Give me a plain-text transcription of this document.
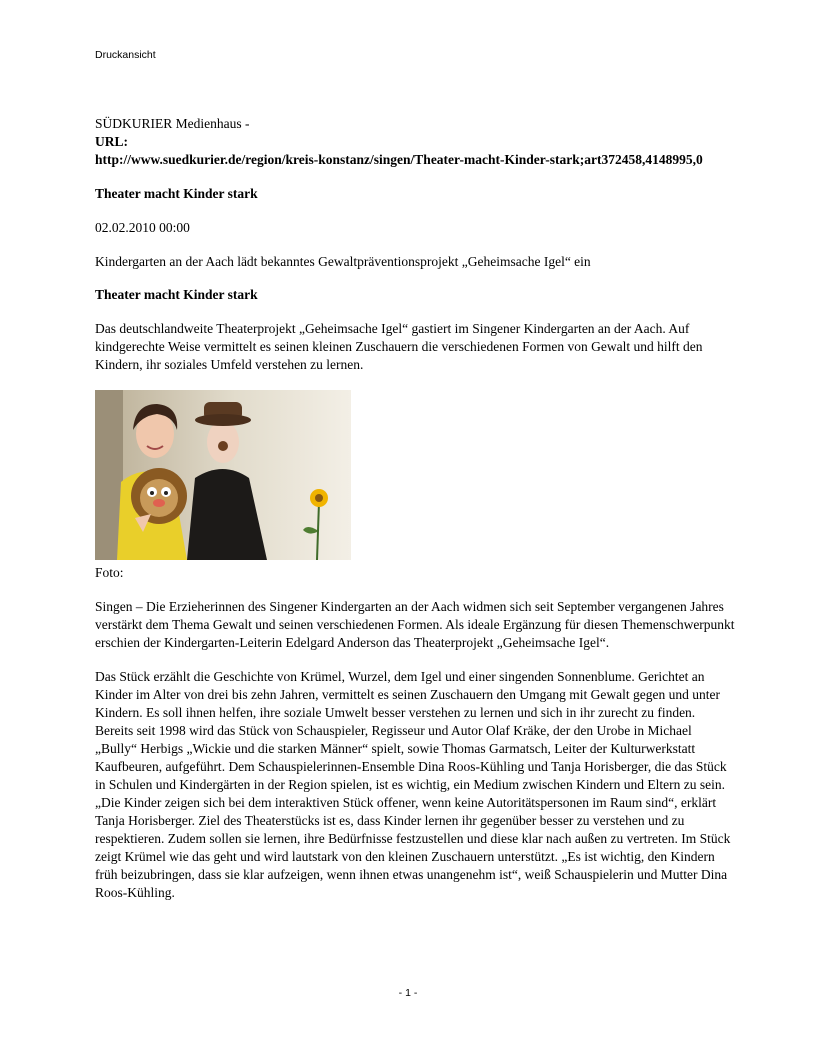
Druckansicht

SÜDKURIER Medienhaus -

URL:

http://www.suedkurier.de/region/kreis-konstanz/singen/Theater-macht-Kinder-stark;art372458,4148995,0

Theater macht Kinder stark

02.02.2010 00:00

Kindergarten an der Aach lädt bekanntes Gewaltpräventionsprojekt „Geheimsache Igel“ ein

Theater macht Kinder stark

Das deutschlandweite Theaterprojekt „Geheimsache Igel“ gastiert im Singener Kindergarten an der Aach. Auf kindgerechte Weise vermittelt es seinen kleinen Zuschauern die verschiedenen Formen von Gewalt und hilft den Kindern, ihr soziales Umfeld verstehen zu lernen.

Foto:

Singen – Die Erzieherinnen des Singener Kindergarten an der Aach widmen sich seit September vergangenen Jahres verstärkt dem Thema Gewalt und seinen verschiedenen Formen. Als ideale Ergänzung für diesen Themenschwerpunkt erschien der Kindergarten-Leiterin Edelgard Anderson das Theaterprojekt „Geheimsache Igel“.

Das Stück erzählt die Geschichte von Krümel, Wurzel, dem Igel und einer singenden Sonnenblume. Gerichtet an Kinder im Alter von drei bis zehn Jahren, vermittelt es seinen Zuschauern den Umgang mit Gewalt gegen und unter Kindern. Es soll ihnen helfen, ihre soziale Umwelt besser verstehen zu lernen und sich in ihr zurecht zu finden. Bereits seit 1998 wird das Stück von Schauspieler, Regisseur und Autor Olaf Kräke, der den Urobe in Michael „Bully“ Herbigs „Wickie und die starken Männer“ spielt, sowie Thomas Garmatsch, Leiter der Kulturwerkstatt Kaufbeuren, aufgeführt. Dem Schauspielerinnen-Ensemble Dina Roos-Kühling und Tanja Horisberger, die das Stück in Schulen und Kindergärten in der Region spielen, ist es wichtig, ein Medium zwischen Kindern und Eltern zu sein. „Die Kinder zeigen sich bei dem interaktiven Stück offener, wenn keine Autoritätspersonen im Raum sind“, erklärt Tanja Horisberger. Ziel des Theaterstücks ist es, dass Kinder lernen ihr gegenüber besser zu verstehen und zu respektieren. Zudem sollen sie lernen, ihre Bedürfnisse festzustellen und diese klar nach außen zu vertreten. Im Stück zeigt Krümel wie das geht und wird lautstark von den kleinen Zuschauern unterstützt. „Es ist wichtig, den Kindern früh beizubringen, dass sie klar aufzeigen, wenn ihnen etwas unangenehm ist“, weiß Schauspielerin und Mutter Dina Roos-Kühling.

- 1 -
